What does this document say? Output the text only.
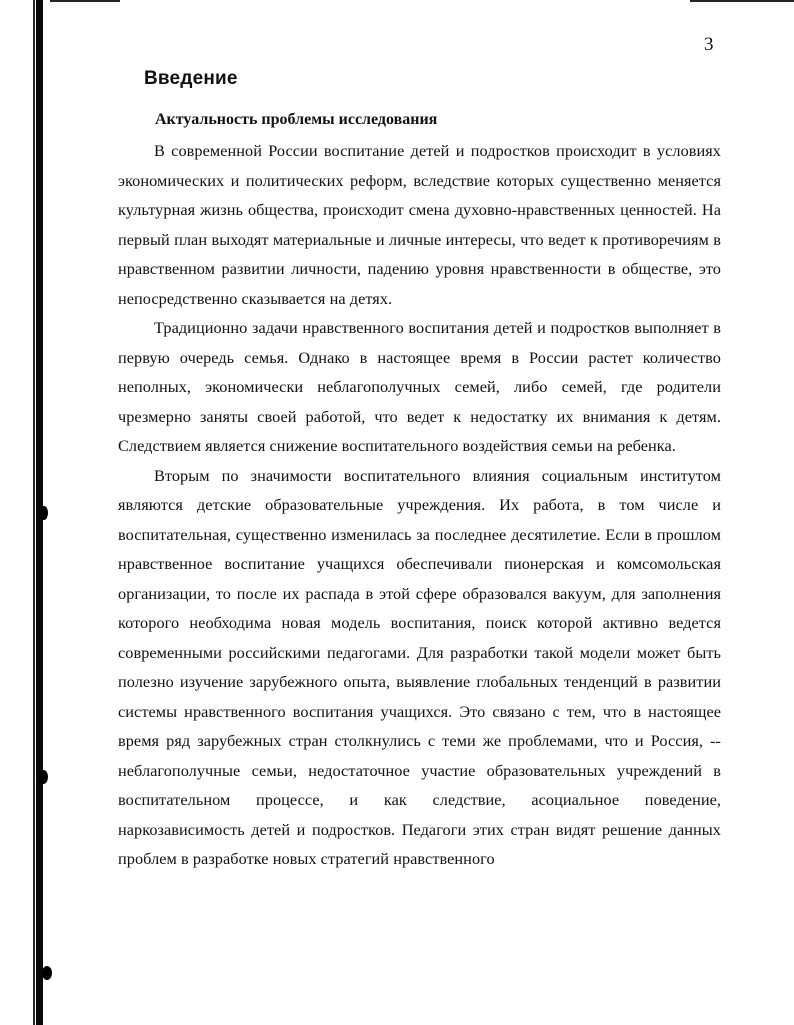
3
Введение
Актуальность проблемы исследования

В современной России воспитание детей и подростков происходит в условиях экономических и политических реформ, вследствие которых существенно меняется культурная жизнь общества, происходит смена духовно-нравственных ценностей. На первый план выходят материальные и личные интересы, что ведет к противоречиям в нравственном развитии личности, падению уровня нравственности в обществе, это непосредственно сказывается на детях.

Традиционно задачи нравственного воспитания детей и подростков выполняет в первую очередь семья. Однако в настоящее время в России растет количество неполных, экономически неблагополучных семей, либо семей, где родители чрезмерно заняты своей работой, что ведет к недостатку их внимания к детям. Следствием является снижение воспитательного воздействия семьи на ребенка.

Вторым по значимости воспитательного влияния социальным институтом являются детские образовательные учреждения. Их работа, в том числе и воспитательная, существенно изменилась за последнее десятилетие. Если в прошлом нравственное воспитание учащихся обеспечивали пионерская и комсомольская организации, то после их распада в этой сфере образовался вакуум, для заполнения которого необходима новая модель воспитания, поиск которой активно ведется современными российскими педагогами. Для разработки такой модели может быть полезно изучение зарубежного опыта, выявление глобальных тенденций в развитии системы нравственного воспитания учащихся. Это связано с тем, что в настоящее время ряд зарубежных стран столкнулись с теми же проблемами, что и Россия, -- неблагополучные семьи, недостаточное участие образовательных учреждений в воспитательном процессе, и как следствие, асоциальное поведение, наркозависимость детей и подростков. Педагоги этих стран видят решение данных проблем в разработке новых стратегий нравственного
